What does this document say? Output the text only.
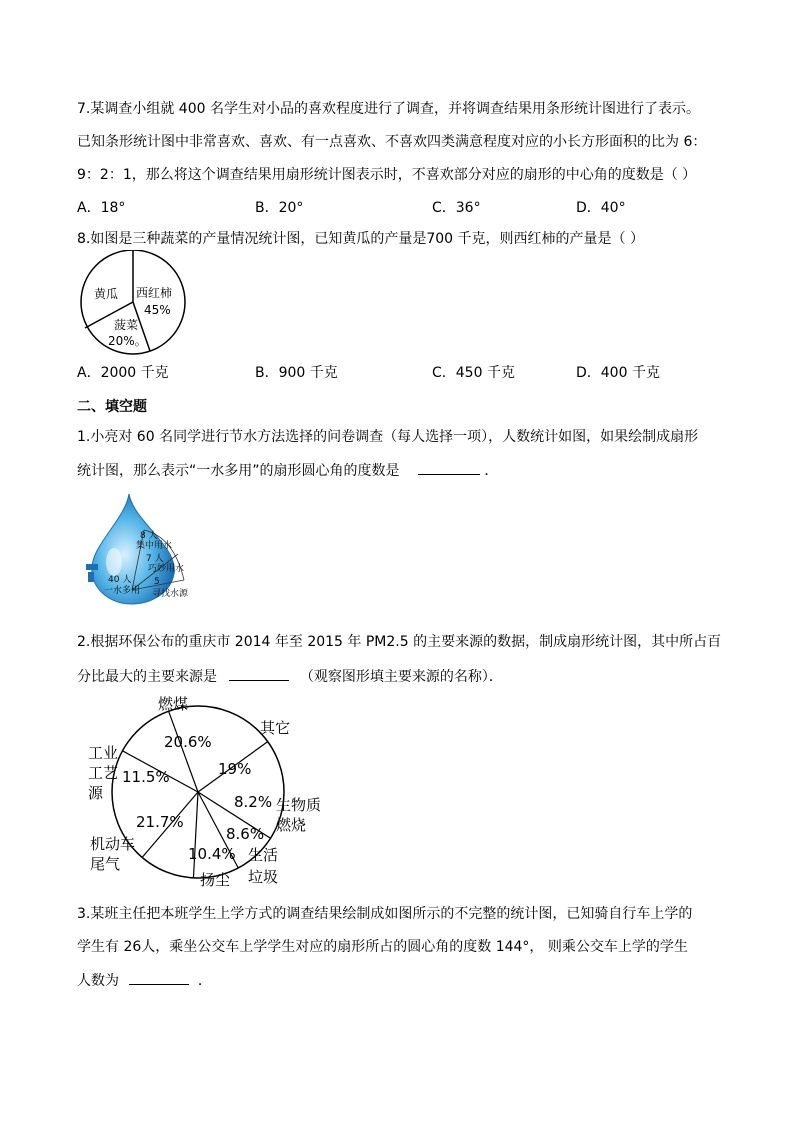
7.某调查小组就 400 名学生对小品的喜欢程度进行了调查，并将调查结果用条形统计图进行了表示。
已知条形统计图中非常喜欢、喜欢、有一点喜欢、不喜欢四类满意程度对应的小长方形面积的比为 6：
9：2：1，那么将这个调查结果用扇形统计图表示时，不喜欢部分对应的扇形的中心角的度数是（ ）
A．18°	B．20°	C．36°	D．40°
8.如图是三种蔬菜的产量情况统计图，已知黄瓜的产量是700 千克，则西红柿的产量是（ ）
黄瓜 西红柿
45%
菠菜
20%。
A．2000 千克	B．900 千克	C．450 千克	D．400 千克
二、填空题
1.小亮对 60 名同学进行节水方法选择的问卷调查（每人选择一项），人数统计如图，如果绘制成扇形
统计图，那么表示“一水多用”的扇形圆心角的度数是	．
8 人
集中用水
7 人
巧妙用水
5
寻找水源
40 人
一水多用
2.根据环保公布的重庆市 2014 年至 2015 年 PM2.5 的主要来源的数据，制成扇形统计图，其中所占百
分比最大的主要来源是	（观察图形填主要来源的名称）．
燃煤
20.6%
其它
19%
工业
工艺
源
11.5%
8.2% 生物质
燃烧
21.7%
机动车
尾气
8.6%
生活
垃圾
10.4%
扬尘
3.某班主任把本班学生上学方式的调查结果绘制成如图所示的不完整的统计图，已知骑自行车上学的
学生有 26人，乘坐公交车上学学生对应的扇形所占的圆心角的度数 144°， 则乘公交车上学的学生
人数为	．
